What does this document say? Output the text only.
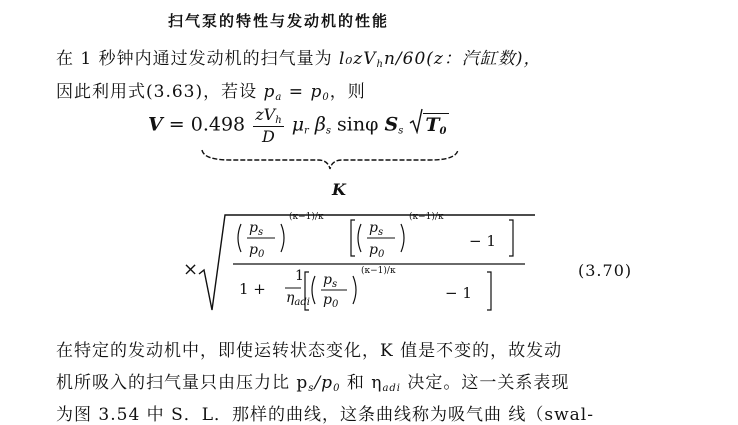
扫气泵的特性与发动机的性能
在 1 秒钟内通过发动机的扫气量为 $l_0zV_hn/60(z$：汽缸数)，
因此利用式(3.63)，若设 $p_a = p_0$，则
$V = 0.498 \frac{zV_h}{D} \mu_r$ $\beta_s$ sinφ $S_s$ $T_0$
K
×
$p_s$
$p_0$
(κ−1)/κ
$p_s$
$p_0$
(κ−1)/κ
− 1
1 +
1
$\eta_{adi}$
$p_s$
$p_0$
(κ−1)/κ
− 1
(3.70)
在特定的发动机中，即使运转状态变化，K 值是不变的，故发动
机所吸入的扫气量只由压力比 $p_s/p_0$ 和 $\eta_{adi}$ 决定。这一关系表现
为图 3.54 中 S．L．那样的曲线，这条曲线称为吸气曲 线（swal-
